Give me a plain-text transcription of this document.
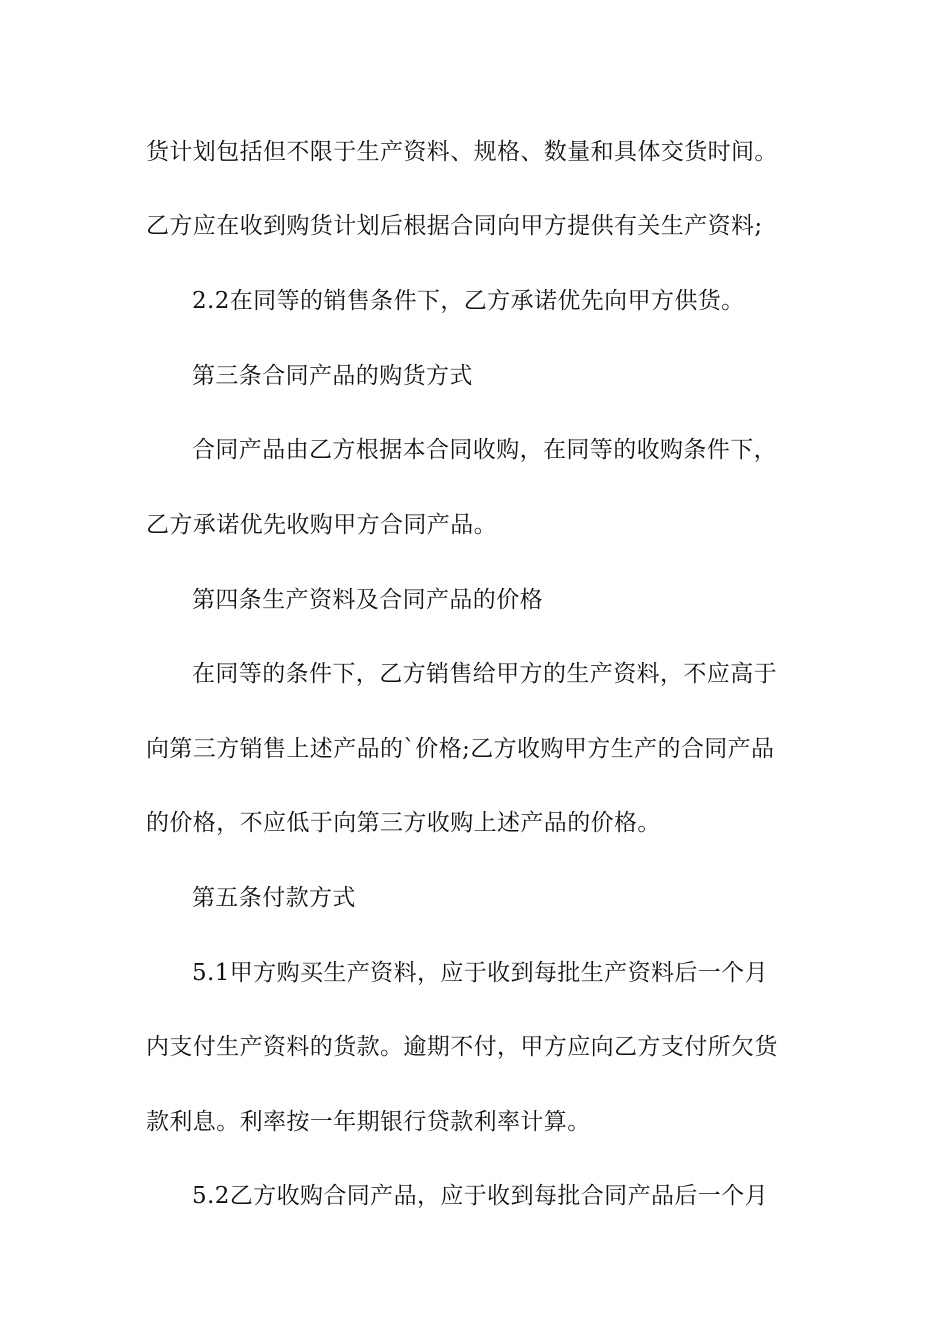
货计划包括但不限于生产资料、规格、数量和具体交货时间。
乙方应在收到购货计划后根据合同向甲方提供有关生产资料;
2.2在同等的销售条件下，乙方承诺优先向甲方供货。
第三条合同产品的购货方式
合同产品由乙方根据本合同收购，在同等的收购条件下，
乙方承诺优先收购甲方合同产品。
第四条生产资料及合同产品的价格
在同等的条件下，乙方销售给甲方的生产资料，不应高于
向第三方销售上述产品的`价格;乙方收购甲方生产的合同产品
的价格，不应低于向第三方收购上述产品的价格。
第五条付款方式
5.1甲方购买生产资料，应于收到每批生产资料后一个月
内支付生产资料的货款。逾期不付，甲方应向乙方支付所欠货
款利息。利率按一年期银行贷款利率计算。
5.2乙方收购合同产品，应于收到每批合同产品后一个月
